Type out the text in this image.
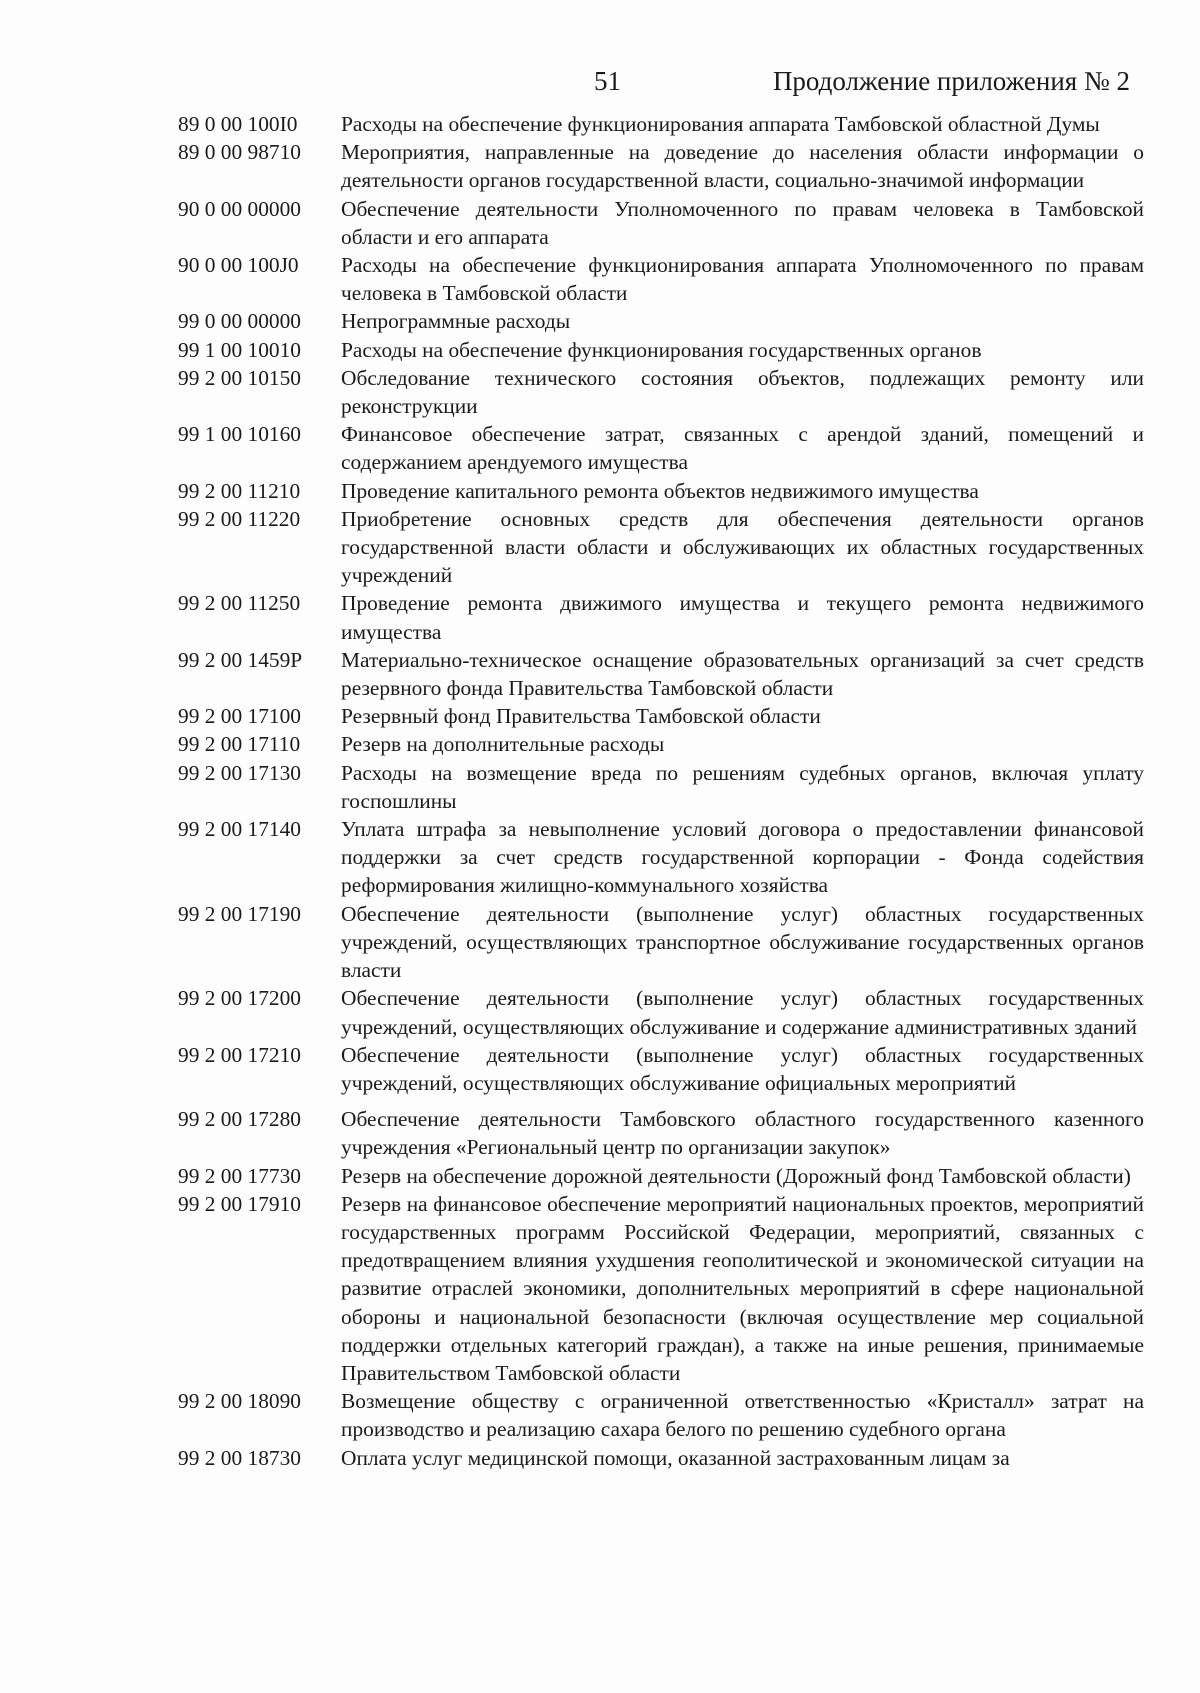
51	Продолжение приложения № 2
89 0 00 100I0	Расходы на обеспечение функционирования аппарата Тамбовской областной Думы
89 0 00 98710	Мероприятия, направленные на доведение до населения области информации о деятельности органов государственной власти, социально-значимой информации
90 0 00 00000	Обеспечение деятельности Уполномоченного по правам человека в Тамбовской области и его аппарата
90 0 00 100J0	Расходы на обеспечение функционирования аппарата Уполномоченного по правам человека в Тамбовской области
99 0 00 00000	Непрограммные расходы
99 1 00 10010	Расходы на обеспечение функционирования государственных органов
99 2 00 10150	Обследование технического состояния объектов, подлежащих ремонту или реконструкции
99 1 00 10160	Финансовое обеспечение затрат, связанных с арендой зданий, помещений и содержанием арендуемого имущества
99 2 00 11210	Проведение капитального ремонта объектов недвижимого имущества
99 2 00 11220	Приобретение основных средств для обеспечения деятельности органов государственной власти области и обслуживающих их областных государственных учреждений
99 2 00 11250	Проведение ремонта движимого имущества и текущего ремонта недвижимого имущества
99 2 00 1459P	Материально-техническое оснащение образовательных организаций за счет средств резервного фонда Правительства Тамбовской области
99 2 00 17100	Резервный фонд Правительства Тамбовской области
99 2 00 17110	Резерв на дополнительные расходы
99 2 00 17130	Расходы на возмещение вреда по решениям судебных органов, включая уплату госпошлины
99 2 00 17140	Уплата штрафа за невыполнение условий договора о предоставлении финансовой поддержки за счет средств государственной корпорации - Фонда содействия реформирования жилищно-коммунального хозяйства
99 2 00 17190	Обеспечение деятельности (выполнение услуг) областных государственных учреждений, осуществляющих транспортное обслуживание государственных органов власти
99 2 00 17200	Обеспечение деятельности (выполнение услуг) областных государственных учреждений, осуществляющих обслуживание и содержание административных зданий
99 2 00 17210	Обеспечение деятельности (выполнение услуг) областных государственных учреждений, осуществляющих обслуживание официальных мероприятий
99 2 00 17280	Обеспечение деятельности Тамбовского областного государственного казенного учреждения «Региональный центр по организации закупок»
99 2 00 17730	Резерв на обеспечение дорожной деятельности (Дорожный фонд Тамбовской области)
99 2 00 17910	Резерв на финансовое обеспечение мероприятий национальных проектов, мероприятий государственных программ Российской Федерации, мероприятий, связанных с предотвращением влияния ухудшения геополитической и экономической ситуации на развитие отраслей экономики, дополнительных мероприятий в сфере национальной обороны и национальной безопасности (включая осуществление мер социальной поддержки отдельных категорий граждан), а также на иные решения, принимаемые Правительством Тамбовской области
99 2 00 18090	Возмещение обществу с ограниченной ответственностью «Кристалл» затрат на производство и реализацию сахара белого по решению судебного органа
99 2 00 18730	Оплата услуг медицинской помощи, оказанной застрахованным лицам за
